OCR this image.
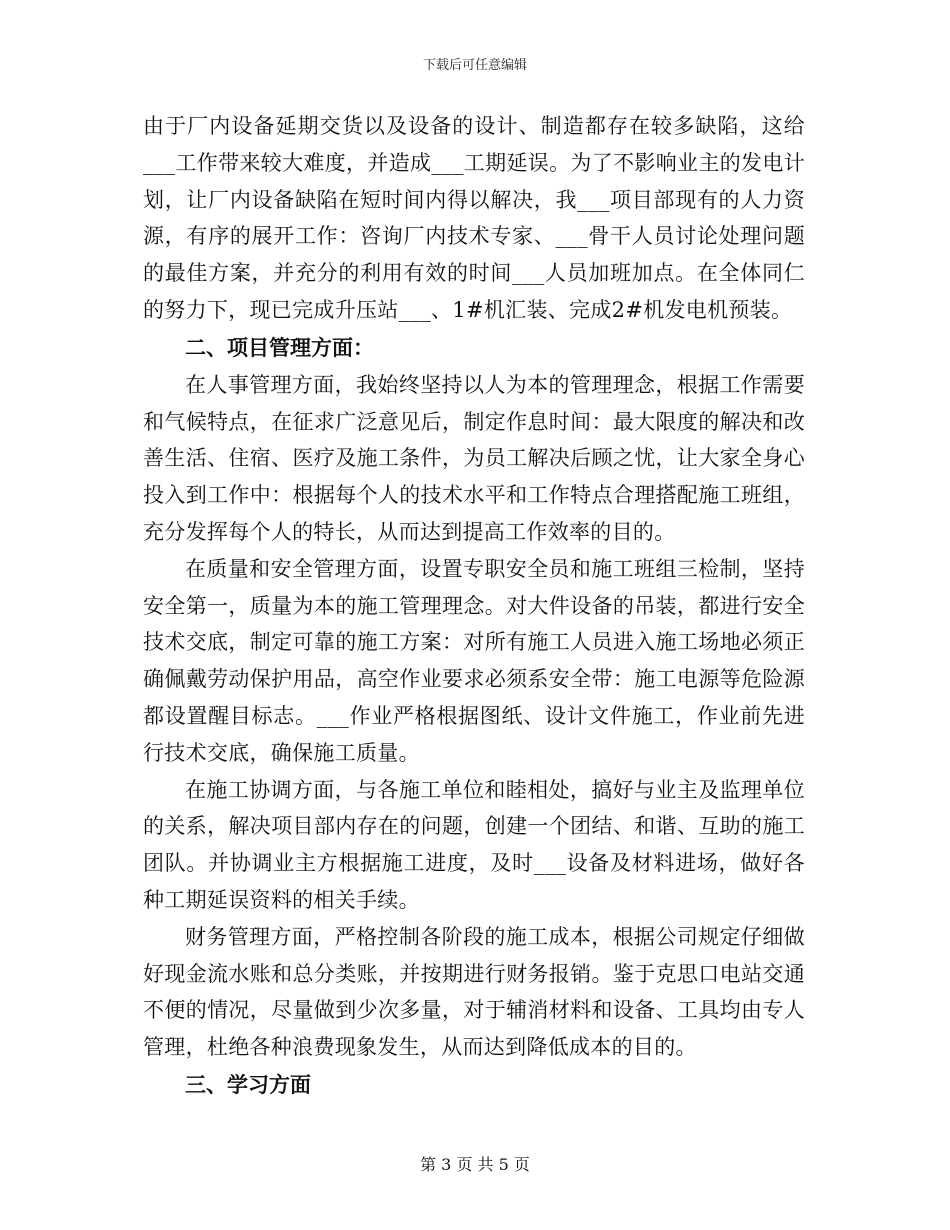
下载后可任意编辑

由于厂内设备延期交货以及设备的设计、制造都存在较多缺陷，这给___工作带来较大难度，并造成___工期延误。为了不影响业主的发电计划，让厂内设备缺陷在短时间内得以解决，我___项目部现有的人力资源，有序的展开工作：咨询厂内技术专家、___骨干人员讨论处理问题的最佳方案，并充分的利用有效的时间___人员加班加点。在全体同仁的努力下，现已完成升压站___、1#机汇装、完成2#机发电机预装。

二、项目管理方面：

在人事管理方面，我始终坚持以人为本的管理理念，根据工作需要和气候特点，在征求广泛意见后，制定作息时间：最大限度的解决和改善生活、住宿、医疗及施工条件，为员工解决后顾之忧，让大家全身心投入到工作中：根据每个人的技术水平和工作特点合理搭配施工班组，充分发挥每个人的特长，从而达到提高工作效率的目的。

在质量和安全管理方面，设置专职安全员和施工班组三检制，坚持安全第一，质量为本的施工管理理念。对大件设备的吊装，都进行安全技术交底，制定可靠的施工方案：对所有施工人员进入施工场地必须正确佩戴劳动保护用品，高空作业要求必须系安全带：施工电源等危险源都设置醒目标志。___作业严格根据图纸、设计文件施工，作业前先进行技术交底，确保施工质量。

在施工协调方面，与各施工单位和睦相处，搞好与业主及监理单位的关系，解决项目部内存在的问题，创建一个团结、和谐、互助的施工团队。并协调业主方根据施工进度，及时___设备及材料进场，做好各种工期延误资料的相关手续。

财务管理方面，严格控制各阶段的施工成本，根据公司规定仔细做好现金流水账和总分类账，并按期进行财务报销。鉴于克思口电站交通不便的情况，尽量做到少次多量，对于辅消材料和设备、工具均由专人管理，杜绝各种浪费现象发生，从而达到降低成本的目的。

三、学习方面

第 3 页 共 5 页
